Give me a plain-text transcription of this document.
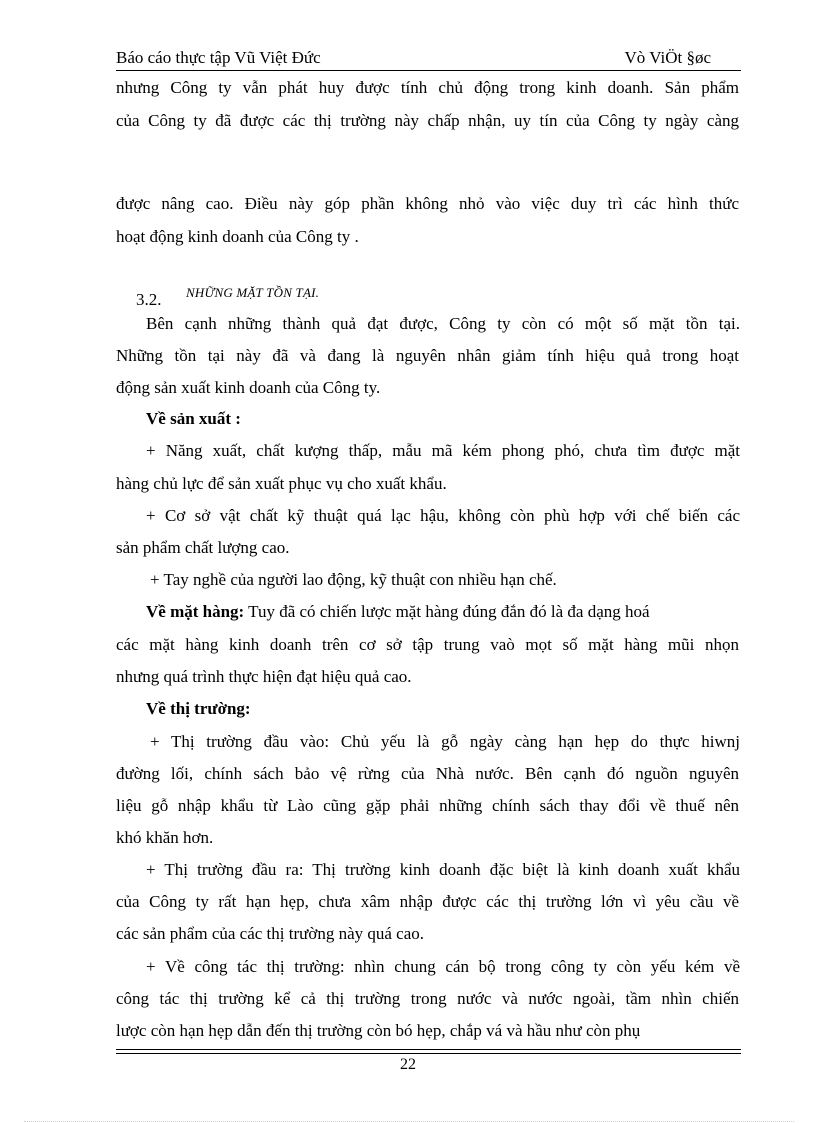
Báo cáo thực tập Vũ Việt Đức	Vò ViÖt §øc
nhưng Công ty vẫn phát huy được tính chủ động trong kinh doanh. Sản phẩm
của Công ty đã được các thị trường này chấp nhận, uy tín của Công ty ngày càng
được nâng cao. Điều này góp phần không nhỏ vào việc duy trì các hình thức
hoạt động kinh doanh của Công ty .
3.2. NHỮNG MẶT TỒN TẠI.
Bên cạnh những thành quả đạt được, Công ty còn có một số mặt tồn tại.
Những tồn tại này đã và đang là nguyên nhân giảm tính hiệu quả trong hoạt
động sản xuất kinh doanh của Công ty.
Về sản xuất :
+ Năng xuất, chất kượng thấp, mẫu mã kém phong phó, chưa tìm được mặt
hàng chủ lực để sản xuất phục vụ cho xuất khẩu.
+ Cơ sở vật chất kỹ thuật quá lạc hậu, không còn phù hợp với chế biến các
sản phẩm chất lượng cao.
+ Tay nghề của người lao động, kỹ thuật con nhiều hạn chế.
Về mặt hàng: Tuy đã có chiến lược mặt hàng đúng đắn đó là đa dạng hoá
các mặt hàng kinh doanh trên cơ sở tập trung vaò mọt số mặt hàng mũi nhọn
nhưng quá trình thực hiện đạt hiệu quả cao.
Về thị trường:
+ Thị trường đầu vào: Chủ yếu là gỗ ngày càng hạn hẹp do thực hiwnj
đường lối, chính sách bảo vệ rừng của Nhà nước. Bên cạnh đó nguồn nguyên
liệu gỗ nhập khẩu từ Lào cũng gặp phải những chính sách thay đổi về thuế nên
khó khăn hơn.
+ Thị trường đầu ra: Thị trường kinh doanh đặc biệt là kinh doanh xuất khẩu
của Công ty rất hạn hẹp, chưa xâm nhập được các thị trường lớn vì yêu cầu về
các sản phẩm của các thị trường này quá cao.
+ Về công tác thị trường: nhìn chung cán bộ trong công ty còn yếu kém về
công tác thị trường kể cả thị trường trong nước và nước ngoài, tầm nhìn chiến
lược còn hạn hẹp dẫn đến thị trường còn bó hẹp, chắp vá và hầu như còn phụ
22
